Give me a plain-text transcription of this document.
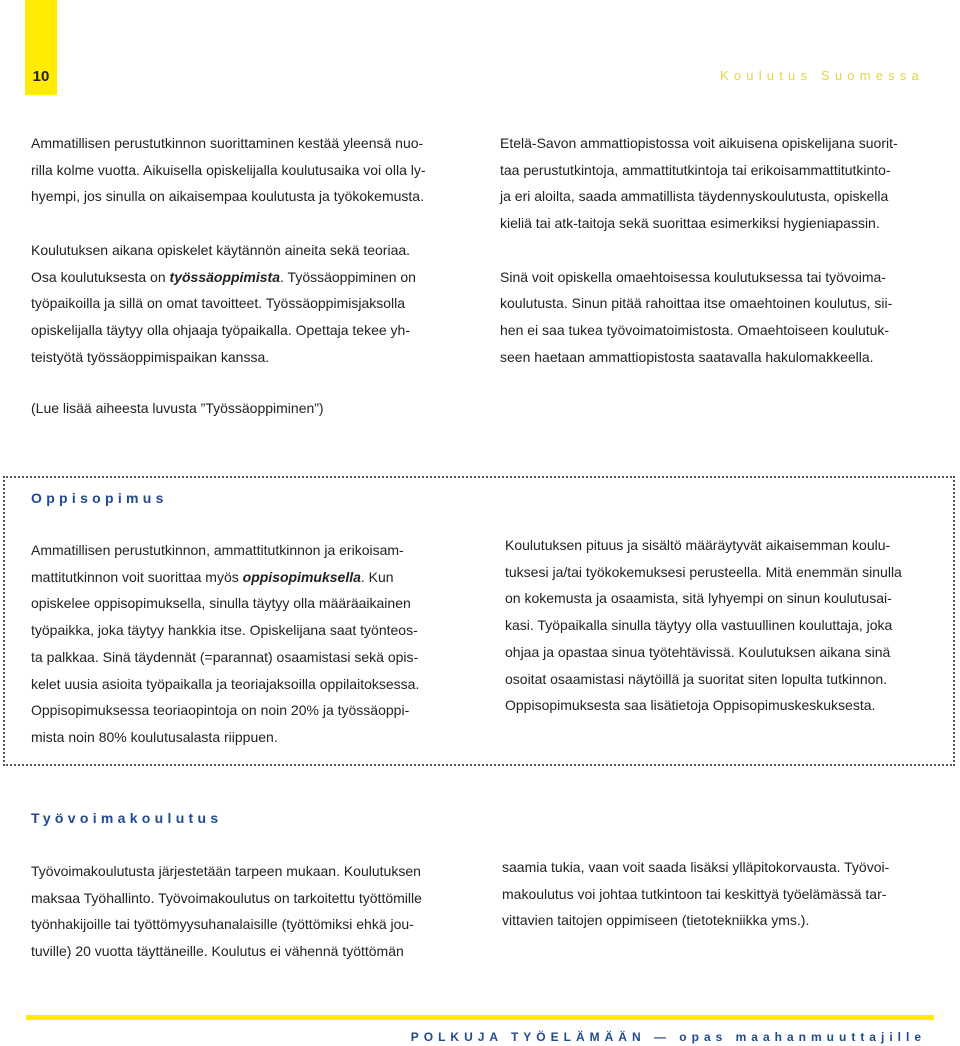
10	Koulutus Suomessa

Ammatillisen perustutkinnon suorittaminen kestää yleensä nuo-

rilla kolme vuotta. Aikuisella opiskelijalla koulutusaika voi olla ly-

hyempi, jos sinulla on aikaisempaa koulutusta ja työkokemusta.

Koulutuksen aikana opiskelet käytännön aineita sekä teoriaa.

Osa koulutuksesta on työssäoppimista. Työssäoppiminen on

työpaikoilla ja sillä on omat tavoitteet. Työssäoppimisjaksolla

opiskelijalla täytyy olla ohjaaja työpaikalla. Opettaja tekee yh-

teistyötä työssäoppimispaikan kanssa.

Etelä-Savon ammattiopistossa voit aikuisena opiskelijana suorit-

taa perustutkintoja, ammattitutkintoja tai erikoisammattitutkinto-

ja eri aloilta, saada ammatillista täydennyskoulutusta, opiskella

kieliä tai atk-taitoja sekä suorittaa esimerkiksi hygieniapassin.

Sinä voit opiskella omaehtoisessa koulutuksessa tai työvoima-

koulutusta. Sinun pitää rahoittaa itse omaehtoinen koulutus, sii-

hen ei saa tukea työvoimatoimistosta. Omaehtoiseen koulutuk-

seen haetaan ammattiopistosta saatavalla hakulomakkeella.

(Lue lisää aiheesta luvusta ”Työssäoppiminen”)
Oppisopimus

Ammatillisen perustutkinnon, ammattitutkinnon ja erikoisam-

mattitutkinnon voit suorittaa myös oppisopimuksella. Kun

opiskelee oppisopimuksella, sinulla täytyy olla määräaikainen

työpaikka, joka täytyy hankkia itse. Opiskelijana saat työnteos-

ta palkkaa. Sinä täydennät (=parannat) osaamistasi sekä opis-

kelet uusia asioita työpaikalla ja teoriajaksoilla oppilaitoksessa.

Oppisopimuksessa teoriaopintoja on noin 20% ja työssäoppi-

mista noin 80% koulutusalasta riippuen.

Koulutuksen pituus ja sisältö määräytyvät aikaisemman koulu-

tuksesi ja/tai työkokemuksesi perusteella. Mitä enemmän sinulla

on kokemusta ja osaamista, sitä lyhyempi on sinun koulutusai-

kasi. Työpaikalla sinulla täytyy olla vastuullinen kouluttaja, joka

ohjaa ja opastaa sinua työtehtävissä. Koulutuksen aikana sinä

osoitat osaamistasi näytöillä ja suoritat siten lopulta tutkinnon.

Oppisopimuksesta saa lisätietoja Oppisopimuskeskuksesta.

Työvoimakoulutus

Työvoimakoulutusta järjestetään tarpeen mukaan. Koulutuksen

maksaa Työhallinto. Työvoimakoulutus on tarkoitettu työttömille

työnhakijoille tai työttömyysuhanalaisille (työttömiksi ehkä jou-

tuville) 20 vuotta täyttäneille. Koulutus ei vähennä työttömän

saamia tukia, vaan voit saada lisäksi ylläpitokorvausta. Työvoi-

makoulutus voi johtaa tutkintoon tai keskittyä työelämässä tar-

vittavien taitojen oppimiseen (tietotekniikka yms.).

POLKUJA TYÖELÄMÄÄN — opas maahanmuuttajille
